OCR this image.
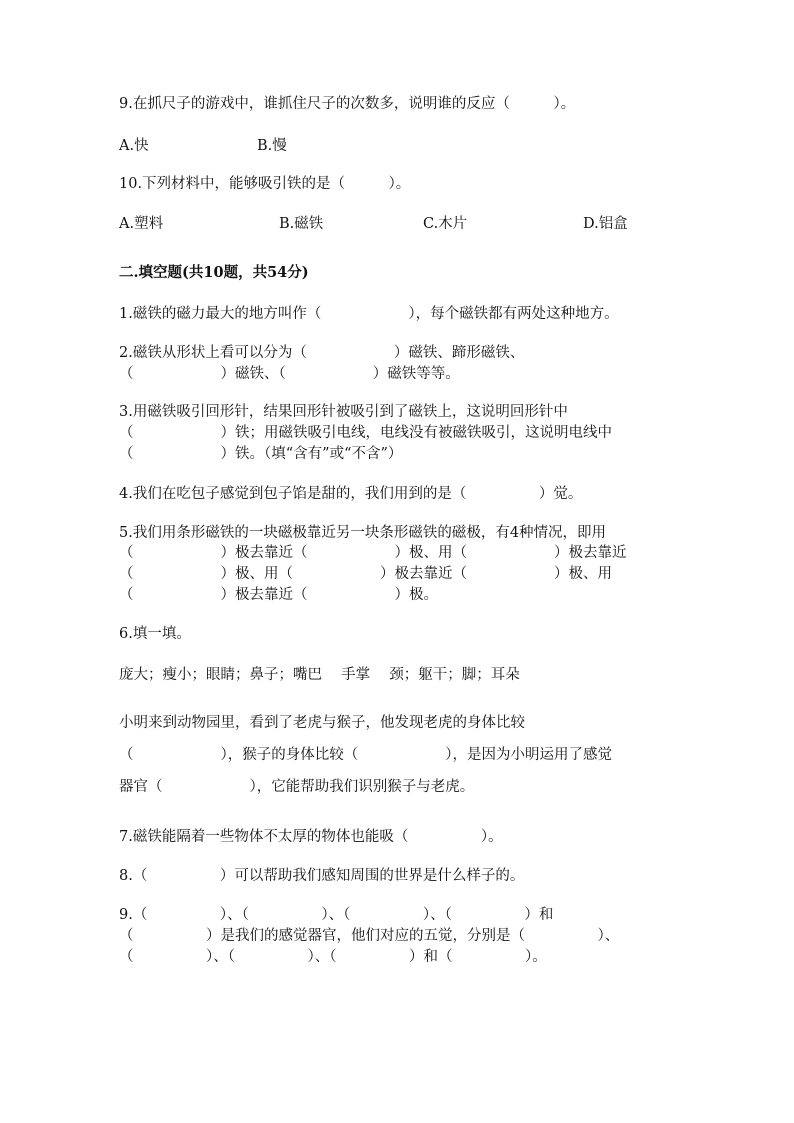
9.在抓尺子的游戏中，谁抓住尺子的次数多，说明谁的反应（　　　）。
A.快	B.慢
10.下列材料中，能够吸引铁的是（　　　）。
A.塑料	B.磁铁	C.木片	D.铝盒
二.填空题(共10题，共54分)
1.磁铁的磁力最大的地方叫作（　　　　　　），每个磁铁都有两处这种地方。
2.磁铁从形状上看可以分为（　　　　　　）磁铁、蹄形磁铁、
（　　　　　　）磁铁、（　　　　　　）磁铁等等。
3.用磁铁吸引回形针，结果回形针被吸引到了磁铁上，这说明回形针中
（　　　　　　）铁；用磁铁吸引电线，电线没有被磁铁吸引，这说明电线中
（　　　　　　）铁。（填“含有”或“不含”）
4.我们在吃包子感觉到包子馅是甜的，我们用到的是（　　　　　）觉。
5.我们用条形磁铁的一块磁极靠近另一块条形磁铁的磁极，有4种情况，即用
（　　　　　　）极去靠近（　　　　　　）极、用（　　　　　　）极去靠近
（　　　　　　）极、用（　　　　　　）极去靠近（　　　　　　）极、用
（　　　　　　）极去靠近（　　　　　　）极。
6.填一填。
庞大；瘦小；眼睛；鼻子；嘴巴　 手掌　 颈；躯干；脚；耳朵
小明来到动物园里，看到了老虎与猴子，他发现老虎的身体比较
（　　　　　　），猴子的身体比较（　　　　　　），是因为小明运用了感觉
器官（　　　　　　），它能帮助我们识别猴子与老虎。
7.磁铁能隔着一些物体不太厚的物体也能吸（　　　　　）。
8.（　　　　　）可以帮助我们感知周围的世界是什么样子的。
9.（　　　　　）、（　　　　　）、（　　　　　）、（　　　　　）和
（　　　　　）是我们的感觉器官，他们对应的五觉，分别是（　　　　　）、
（　　　　　）、（　　　　　）、（　　　　　）和（　　　　　）。
